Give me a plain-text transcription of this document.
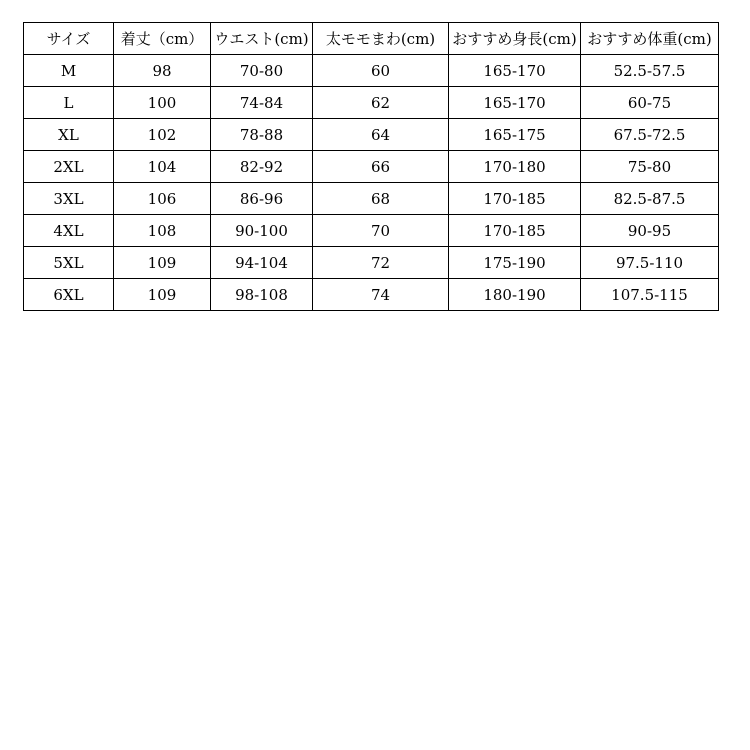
サイズ	着丈（cm）	ウエスト(cm)	太モモまわ(cm)	おすすめ身長(cm)	おすすめ体重(cm)
M	98	70-80	60	165-170	52.5-57.5
L	100	74-84	62	165-170	60-75
XL	102	78-88	64	165-175	67.5-72.5
2XL	104	82-92	66	170-180	75-80
3XL	106	86-96	68	170-185	82.5-87.5
4XL	108	90-100	70	170-185	90-95
5XL	109	94-104	72	175-190	97.5-110
6XL	109	98-108	74	180-190	107.5-115
